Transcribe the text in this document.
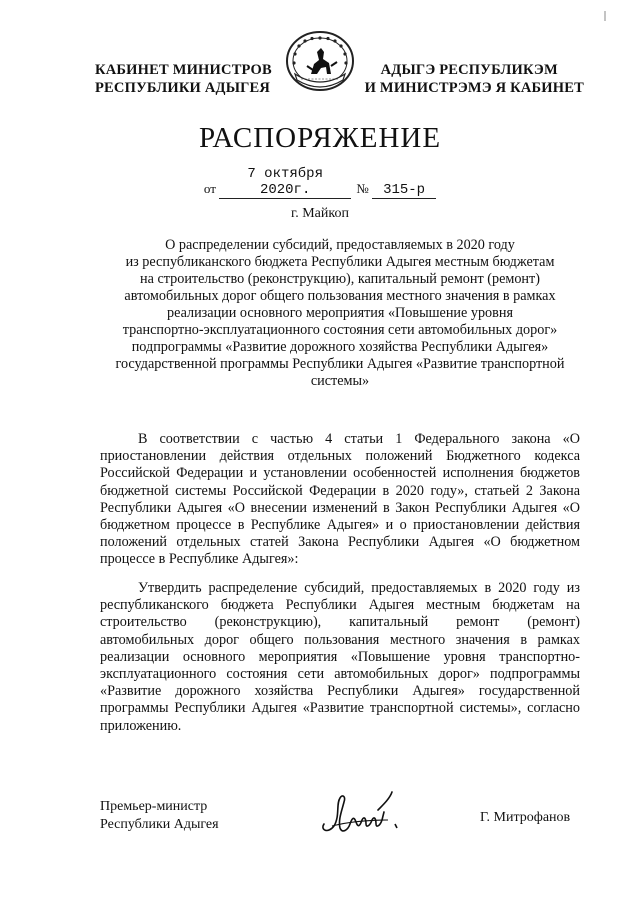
КАБИНЕТ МИНИСТРОВ
РЕСПУБЛИКИ АДЫГЕЯ
АДЫГЭ РЕСПУБЛИКЭМ
И МИНИСТРЭМЭ Я КАБИНЕТ
РАСПОРЯЖЕНИЕ
от 7 октября 2020г.	№ 315-р
г. Майкоп
О распределении субсидий, предоставляемых в 2020 году
из республиканского бюджета Республики Адыгея местным бюджетам
на строительство (реконструкцию), капитальный ремонт (ремонт)
автомобильных дорог общего пользования местного значения в рамках
реализации основного мероприятия «Повышение уровня
транспортно-эксплуатационного состояния сети автомобильных дорог»
подпрограммы «Развитие дорожного хозяйства Республики Адыгея»
государственной программы Республики Адыгея «Развитие транспортной
системы»

В соответствии с частью 4 статьи 1 Федерального закона «О приостановлении действия отдельных положений Бюджетного кодекса Российской Федерации и установлении особенностей исполнения бюджетов бюджетной системы Российской Федерации в 2020 году», статьей 2 Закона Республики Адыгея «О внесении изменений в Закон Республики Адыгея «О бюджетном процессе в Республике Адыгея» и о приостановлении действия положений отдельных статей Закона Республики Адыгея «О бюджетном процессе в Республике Адыгея»:

Утвердить распределение субсидий, предоставляемых в 2020 году из республиканского бюджета Республики Адыгея местным бюджетам на строительство (реконструкцию), капитальный ремонт (ремонт) автомобильных дорог общего пользования местного значения в рамках реализации основного мероприятия «Повышение уровня транспортно-эксплуатационного состояния сети автомобильных дорог» подпрограммы «Развитие дорожного хозяйства Республики Адыгея» государственной программы Республики Адыгея «Развитие транспортной системы», согласно приложению.

Премьер-министр
Республики Адыгея	Г. Митрофанов
